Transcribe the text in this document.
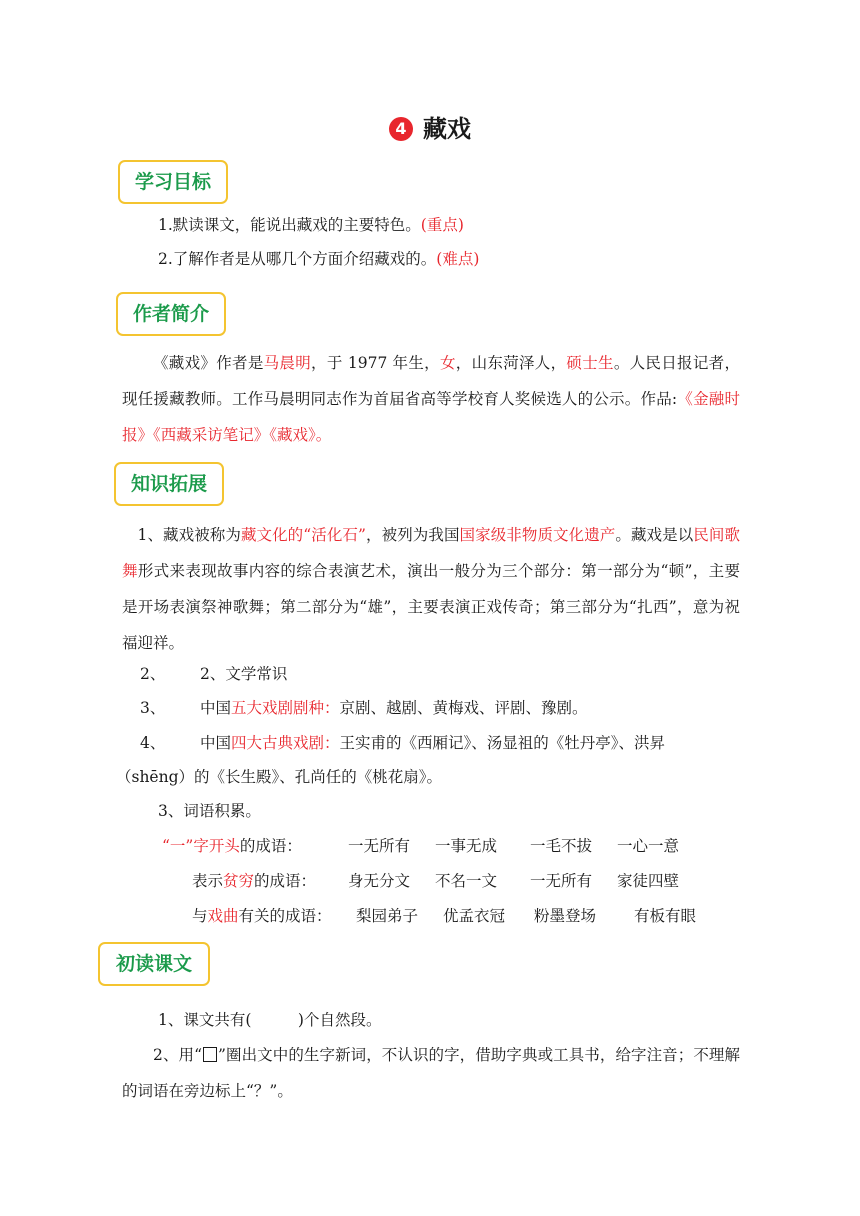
4 藏戏
学习目标
1.默读课文，能说出藏戏的主要特色。(重点)
2.了解作者是从哪几个方面介绍藏戏的。(难点)
作者简介
《藏戏》作者是马晨明，于 1977 年生，女，山东菏泽人，硕士生。人民日报记者，现任援藏教师。工作马晨明同志作为首届省高等学校育人奖候选人的公示。作品:《金融时报》《西藏采访笔记》《藏戏》。
知识拓展
1、藏戏被称为藏文化的“活化石”，被列为我国国家级非物质文化遗产。藏戏是以民间歌舞形式来表现故事内容的综合表演艺术，演出一般分为三个部分：第一部分为“顿”，主要是开场表演祭神歌舞；第二部分为“雄”，主要表演正戏传奇；第三部分为“扎西”，意为祝福迎祥。
2、 2、文学常识
3、 中国五大戏剧剧种：京剧、越剧、黄梅戏、评剧、豫剧。
4、 中国四大古典戏剧：王实甫的《西厢记》、汤显祖的《牡丹亭》、洪昇
（shēng）的《长生殿》、孔尚任的《桃花扇》。
3、词语积累。
“一”字开头的成语：	一无所有 一事无成 一毛不拔 一心一意
表示贫穷的成语： 身无分文 不名一文 一无所有 家徒四壁
与戏曲有关的成语： 梨园弟子 优孟衣冠 粉墨登场 有板有眼
初读课文
1、课文共有(　　　)个自然段。
2、用“ ”圈出文中的生字新词，不认识的字，借助字典或工具书，给字注音；不理解的词语在旁边标上“？”。
